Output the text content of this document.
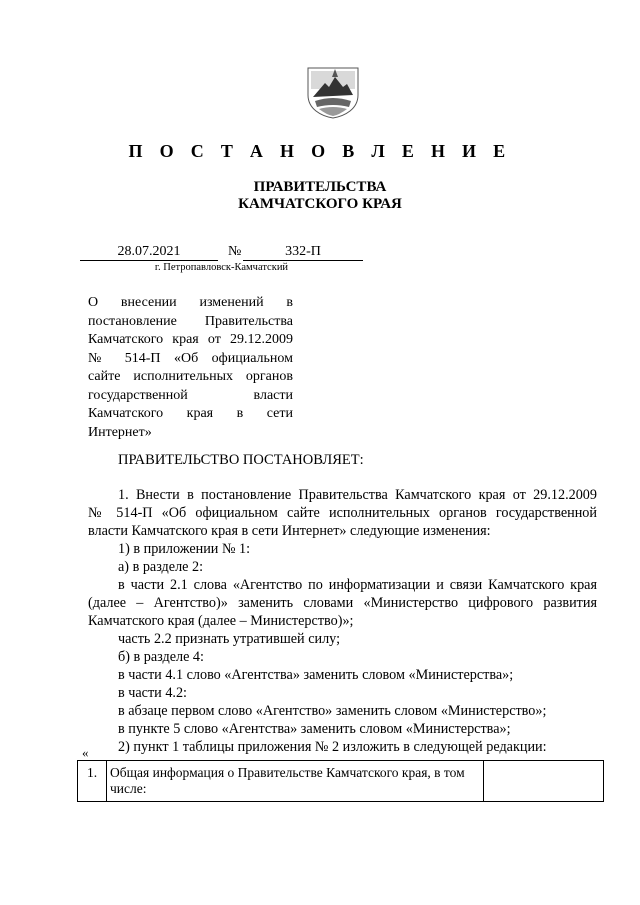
П О С Т А Н О В Л Е Н И Е
ПРАВИТЕЛЬСТВА
КАМЧАТСКОГО КРАЯ
28.07.2021	№	332-П
г. Петропавловск-Камчатский
О внесении изменений в
постановление Правительства
Камчатского края от 29.12.2009
№ 514-П «Об официальном
сайте исполнительных органов
государственной власти
Камчатского края в сети
Интернет»
ПРАВИТЕЛЬСТВО ПОСТАНОВЛЯЕТ:
1. Внести в постановление Правительства Камчатского края от 29.12.2009
№ 514-П «Об официальном сайте исполнительных органов государственной
власти Камчатского края в сети Интернет» следующие изменения:
1) в приложении № 1:
а) в разделе 2:
в части 2.1 слова «Агентство по информатизации и связи Камчатского края
(далее – Агентство)» заменить словами «Министерство цифрового развития
Камчатского края (далее – Министерство)»;
часть 2.2 признать утратившей силу;
б) в разделе 4:
в части 4.1 слово «Агентства» заменить словом «Министерства»;
в части 4.2:
в абзаце первом слово «Агентство» заменить словом «Министерство»;
в пункте 5 слово «Агентства» заменить словом «Министерства»;
2) пункт 1 таблицы приложения № 2 изложить в следующей редакции:
«
1.	Общая информация о Правительстве Камчатского края, в том числе:	
